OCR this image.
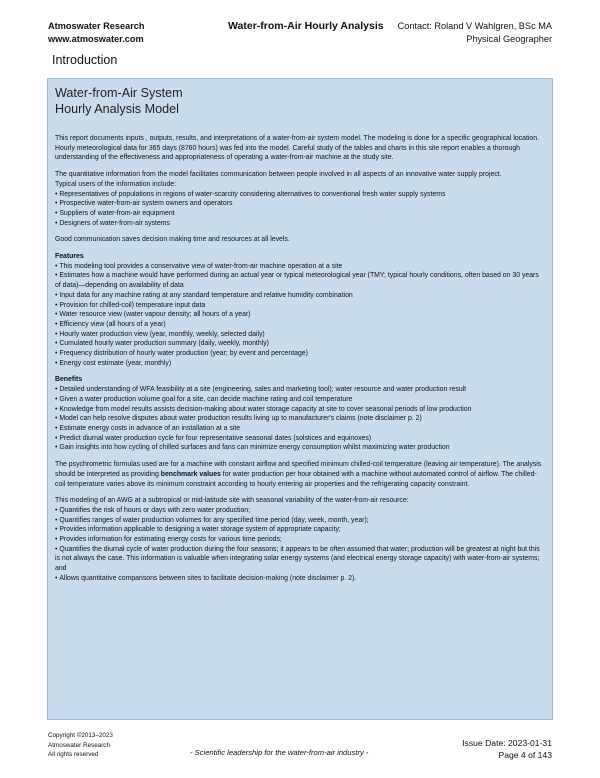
Atmoswater Research
www.atmoswater.com
Water-from-Air Hourly Analysis Contact: Roland V Wahlgren, BSc MA
Physical Geographer
Introduction
Water-from-Air System
Hourly Analysis Model

This report documents inputs , outputs, results, and interpretations of a water-from-air system model. The modeling is done for a specific geographical location. Hourly meteorological data for 365 days (8760 hours) was fed into the model. Careful study of the tables and charts in this site report enables a thorough understanding of the effectiveness and appropriateness of operating a water-from-air machine at the study site.

The quantitative information from the model facilitates communication between people involved in all aspects of an innovative water supply project.

Typical users of the information include:

• Representatives of populations in regions of water-scarcity considering alternatives to conventional fresh water supply systems
• Prospective water-from-air system owners and operators
• Suppliers of water-from-air equipment
• Designers of water-from-air systems

Good communication saves decision making time and resources at all levels.

Features
• This modeling tool provides a conservative view of water-from-air machine operation at a site
• Estimates how a machine would have performed during an actual year or typical meteorological year (TMY; typical hourly conditions, often based on 30 years of data)—depending on availability of data
• Input data for any machine rating at any standard temperature and relative humidity combination
• Provision for chilled-coil) temperature input data
• Water resource view (water vapour density; all hours of a year)
• Efficiency view (all hours of a year)
• Hourly water production view (year, monthly, weekly, selected daily)
• Cumulated hourly water production summary (daily, weekly, monthly)
• Frequency distribution of hourly water production (year; by event and percentage)
• Energy cost estimate (year, monthly)
Benefits
• Detailed understanding of WFA feasibility at a site (engineering, sales and marketing tool); water resource and water production result
• Given a water production volume goal for a site, can decide machine rating and coil temperature
• Knowledge from model results assists decision-making about water storage capacity at site to cover seasonal periods of low production
• Model can help resolve disputes about water production results living up to manufacturer's claims (note disclaimer p. 2)
• Estimate energy costs in advance of an installation at a site
• Predict diurnal water production cycle for four representative seasonal dates (solstices and equinoxes)
• Gain insights into how cycling of chilled surfaces and fans can minimize energy consumption whilst maximizing water production

The psychrometric formulas used are for a machine with constant airflow and specified minimum chilled-coil temperature (leaving air temperature). The analysis should be interpreted as providing benchmark values for water production per hour obtained with a machine without automated control of airflow. The chilled-coil temperature varies above its minimum constraint according to hourly entering air properties and the refrigerating capacity constraint.

This modeling of an AWG at a subtropical or mid-latitude site with seasonal variability of the water-from-air resource:

• Quantifies the risk of hours or days with zero water production;
• Quantifies ranges of water production volumes for any specified time period (day, week, month, year);
• Provides information applicable to designing a water storage system of appropriate capacity;
• Provides information for estimating energy costs for various time periods;
• Quantifies the diurnal cycle of water production during the four seasons; it appears to be often assumed that water; production will be greatest at night but this is not always the case. This information is valuable when integrating solar energy systems (and electrical energy storage capacity) with water-from-air systems; and
• Allows quantitative comparisons between sites to facilitate decision-making (note disclaimer p. 2).
Copyright ©2013–2023
Atmoswater Research
All rights reserved	- Scientific leadership for the water-from-air industry -
Issue Date: 2023-01-31
Page 4 of 143
